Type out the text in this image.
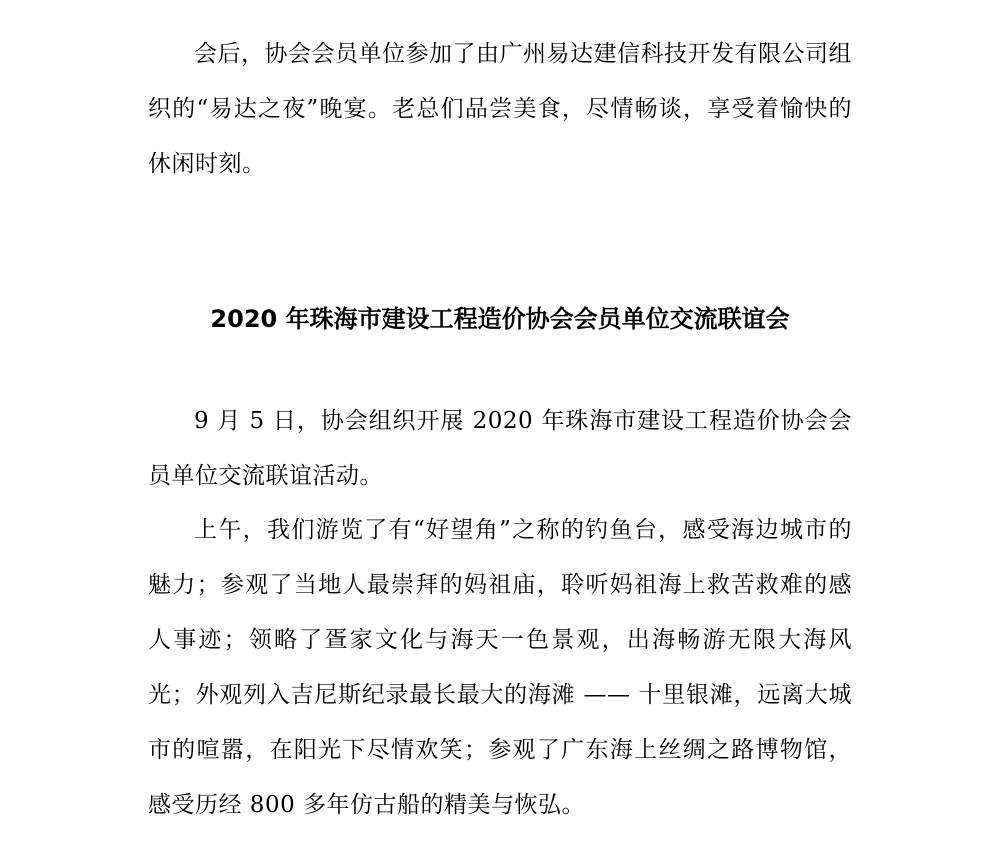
会后，协会会员单位参加了由广州易达建信科技开发有限公司组织的“易达之夜”晚宴。老总们品尝美食，尽情畅谈，享受着愉快的休闲时刻。

2020 年珠海市建设工程造价协会会员单位交流联谊会

9 月 5 日，协会组织开展 2020 年珠海市建设工程造价协会会员单位交流联谊活动。

上午，我们游览了有“好望角”之称的钓鱼台，感受海边城市的魅力；参观了当地人最崇拜的妈祖庙，聆听妈祖海上救苦救难的感人事迹；领略了疍家文化与海天一色景观，出海畅游无限大海风光；外观列入吉尼斯纪录最长最大的海滩 —— 十里银滩，远离大城市的喧嚣，在阳光下尽情欢笑；参观了广东海上丝绸之路博物馆，感受历经 800 多年仿古船的精美与恢弘。
